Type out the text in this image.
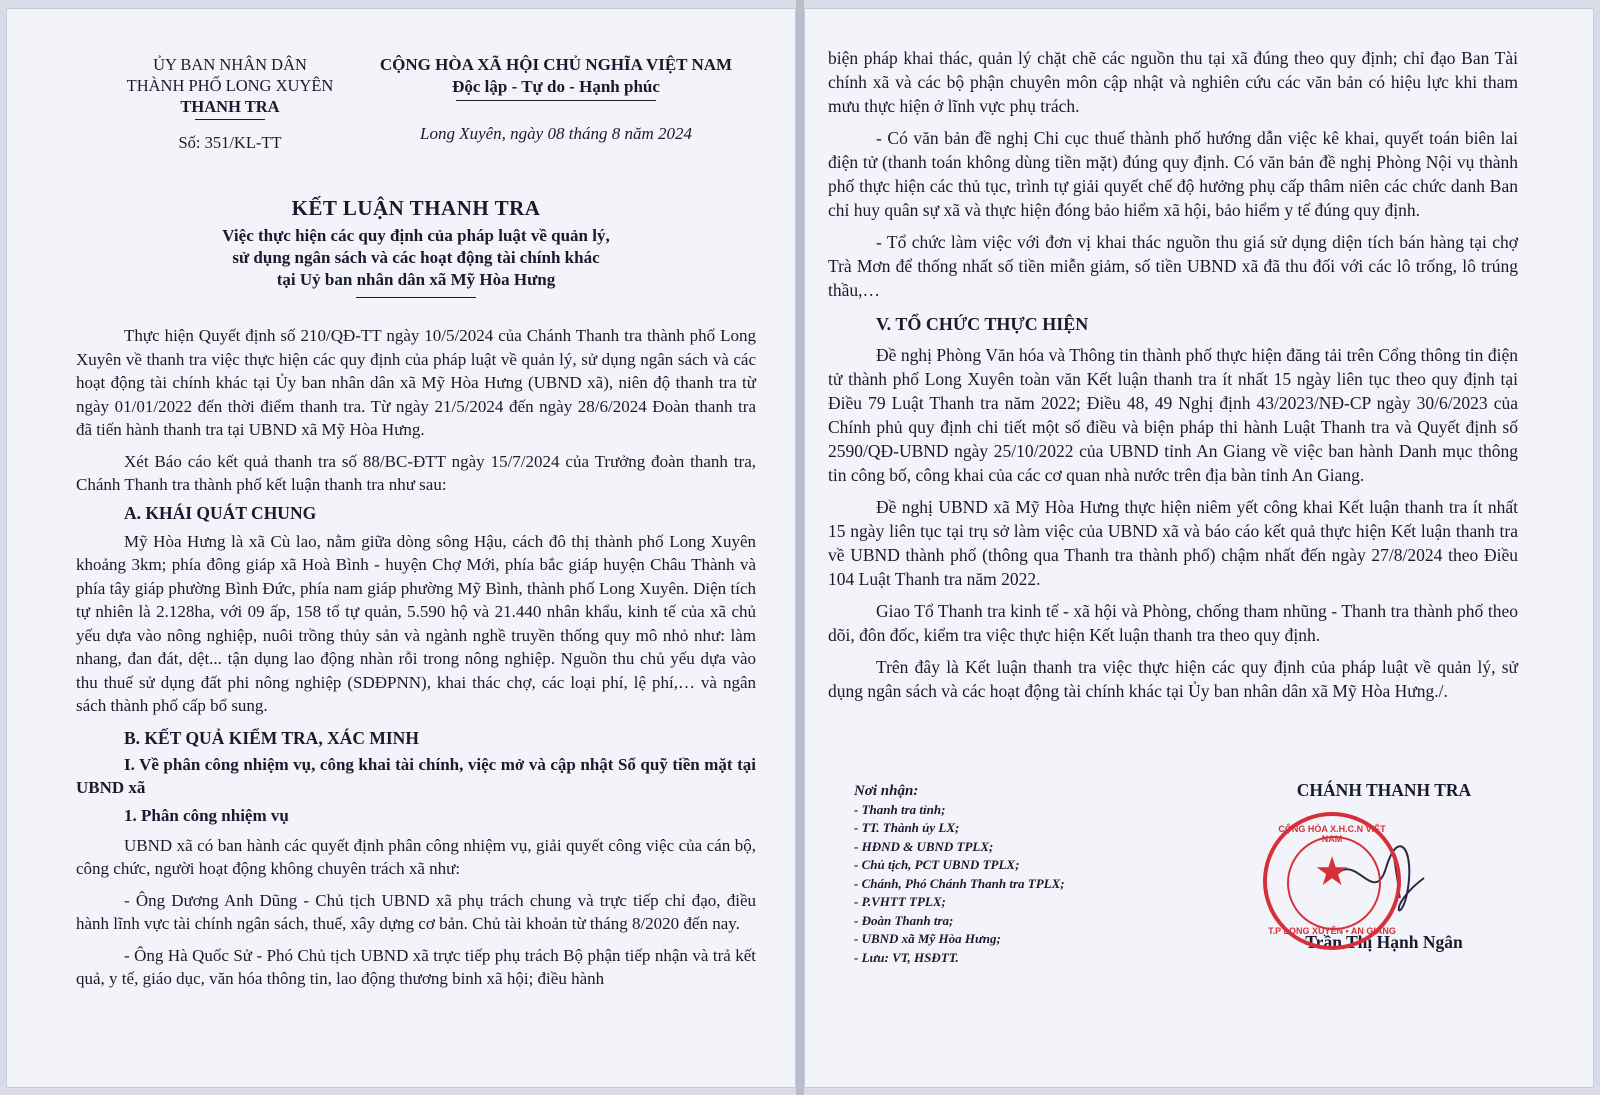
ỦY BAN NHÂN DÂN
THÀNH PHỐ LONG XUYÊN
THANH TRA
Số: 351/KL-TT
CỘNG HÒA XÃ HỘI CHỦ NGHĨA VIỆT NAM
Độc lập - Tự do - Hạnh phúc
Long Xuyên, ngày 08 tháng 8 năm 2024
KẾT LUẬN THANH TRA
Việc thực hiện các quy định của pháp luật về quản lý,
sử dụng ngân sách và các hoạt động tài chính khác
tại Uỷ ban nhân dân xã Mỹ Hòa Hưng

Thực hiện Quyết định số 210/QĐ-TT ngày 10/5/2024 của Chánh Thanh tra thành phố Long Xuyên về thanh tra việc thực hiện các quy định của pháp luật về quản lý, sử dụng ngân sách và các hoạt động tài chính khác tại Ủy ban nhân dân xã Mỹ Hòa Hưng (UBND xã), niên độ thanh tra từ ngày 01/01/2022 đến thời điểm thanh tra. Từ ngày 21/5/2024 đến ngày 28/6/2024 Đoàn thanh tra đã tiến hành thanh tra tại UBND xã Mỹ Hòa Hưng.

Xét Báo cáo kết quả thanh tra số 88/BC-ĐTT ngày 15/7/2024 của Trưởng đoàn thanh tra, Chánh Thanh tra thành phố kết luận thanh tra như sau:

A. KHÁI QUÁT CHUNG

Mỹ Hòa Hưng là xã Cù lao, nằm giữa dòng sông Hậu, cách đô thị thành phố Long Xuyên khoảng 3km; phía đông giáp xã Hoà Bình - huyện Chợ Mới, phía bắc giáp huyện Châu Thành và phía tây giáp phường Bình Đức, phía nam giáp phường Mỹ Bình, thành phố Long Xuyên. Diện tích tự nhiên là 2.128ha, với 09 ấp, 158 tổ tự quản, 5.590 hộ và 21.440 nhân khẩu, kinh tế của xã chủ yếu dựa vào nông nghiệp, nuôi trồng thủy sản và ngành nghề truyền thống quy mô nhỏ như: làm nhang, đan đát, dệt... tận dụng lao động nhàn rỗi trong nông nghiệp. Nguồn thu chủ yếu dựa vào thu thuế sử dụng đất phi nông nghiệp (SDĐPNN), khai thác chợ, các loại phí, lệ phí,… và ngân sách thành phố cấp bổ sung.

B. KẾT QUẢ KIỂM TRA, XÁC MINH

I. Về phân công nhiệm vụ, công khai tài chính, việc mở và cập nhật Sổ quỹ tiền mặt tại UBND xã

1. Phân công nhiệm vụ

UBND xã có ban hành các quyết định phân công nhiệm vụ, giải quyết công việc của cán bộ, công chức, người hoạt động không chuyên trách xã như:

- Ông Dương Anh Dũng - Chủ tịch UBND xã phụ trách chung và trực tiếp chỉ đạo, điều hành lĩnh vực tài chính ngân sách, thuế, xây dựng cơ bản. Chủ tài khoản từ tháng 8/2020 đến nay.

- Ông Hà Quốc Sử - Phó Chủ tịch UBND xã trực tiếp phụ trách Bộ phận tiếp nhận và trả kết quả, y tế, giáo dục, văn hóa thông tin, lao động thương binh xã hội; điều hành

biện pháp khai thác, quản lý chặt chẽ các nguồn thu tại xã đúng theo quy định; chỉ đạo Ban Tài chính xã và các bộ phận chuyên môn cập nhật và nghiên cứu các văn bản có hiệu lực khi tham mưu thực hiện ở lĩnh vực phụ trách.

- Có văn bản đề nghị Chi cục thuế thành phố hướng dẫn việc kê khai, quyết toán biên lai điện tử (thanh toán không dùng tiền mặt) đúng quy định. Có văn bản đề nghị Phòng Nội vụ thành phố thực hiện các thủ tục, trình tự giải quyết chế độ hưởng phụ cấp thâm niên các chức danh Ban chỉ huy quân sự xã và thực hiện đóng bảo hiểm xã hội, bảo hiểm y tế đúng quy định.

- Tổ chức làm việc với đơn vị khai thác nguồn thu giá sử dụng diện tích bán hàng tại chợ Trà Mơn để thống nhất số tiền miễn giảm, số tiền UBND xã đã thu đối với các lô trống, lô trúng thầu,…

V. TỔ CHỨC THỰC HIỆN

Đề nghị Phòng Văn hóa và Thông tin thành phố thực hiện đăng tải trên Cổng thông tin điện tử thành phố Long Xuyên toàn văn Kết luận thanh tra ít nhất 15 ngày liên tục theo quy định tại Điều 79 Luật Thanh tra năm 2022; Điều 48, 49 Nghị định 43/2023/NĐ-CP ngày 30/6/2023 của Chính phủ quy định chi tiết một số điều và biện pháp thi hành Luật Thanh tra và Quyết định số 2590/QĐ-UBND ngày 25/10/2022 của UBND tỉnh An Giang về việc ban hành Danh mục thông tin công bố, công khai của các cơ quan nhà nước trên địa bàn tỉnh An Giang.

Đề nghị UBND xã Mỹ Hòa Hưng thực hiện niêm yết công khai Kết luận thanh tra ít nhất 15 ngày liên tục tại trụ sở làm việc của UBND xã và báo cáo kết quả thực hiện Kết luận thanh tra về UBND thành phố (thông qua Thanh tra thành phố) chậm nhất đến ngày 27/8/2024 theo Điều 104 Luật Thanh tra năm 2022.

Giao Tổ Thanh tra kinh tế - xã hội và Phòng, chống tham nhũng - Thanh tra thành phố theo dõi, đôn đốc, kiểm tra việc thực hiện Kết luận thanh tra theo quy định.

Trên đây là Kết luận thanh tra việc thực hiện các quy định của pháp luật về quản lý, sử dụng ngân sách và các hoạt động tài chính khác tại Ủy ban nhân dân xã Mỹ Hòa Hưng./.

Nơi nhận:
- Thanh tra tỉnh;
- TT. Thành ủy LX;
- HĐND & UBND TPLX;
- Chủ tịch, PCT UBND TPLX;
- Chánh, Phó Chánh Thanh tra TPLX;
- P.VHTT TPLX;
- Đoàn Thanh tra;
- UBND xã Mỹ Hòa Hưng;
- Lưu: VT, HSĐTT.
CHÁNH THANH TRA
Trần Thị Hạnh Ngân
CỘNG HÒA X.H.C.N VIỆT NAM
★
T.P LONG XUYÊN • AN GIANG
